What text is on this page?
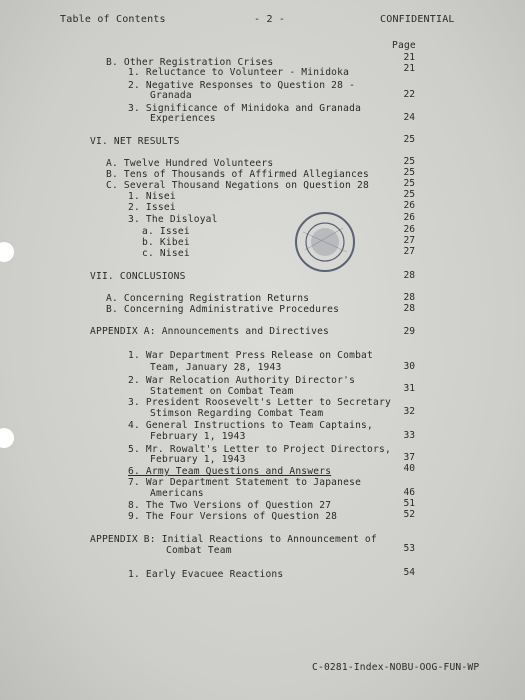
Table of Contents	- 2 -	CONFIDENTIAL
Page
B. Other Registration Crises
1. Reluctance to Volunteer - Minidoka
2. Negative Responses to Question 28 -
Granada
3. Significance of Minidoka and Granada
Experiences
VI. NET RESULTS
A. Twelve Hundred Volunteers
B. Tens of Thousands of Affirmed Allegiances
C. Several Thousand Negations on Question 28
1. Nisei
2. Issei
3. The Disloyal
a. Issei
b. Kibei
c. Nisei
VII. CONCLUSIONS
A. Concerning Registration Returns
B. Concerning Administrative Procedures
APPENDIX A: Announcements and Directives
1. War Department Press Release on Combat
Team, January 28, 1943
2. War Relocation Authority Director's
Statement on Combat Team
3. President Roosevelt's Letter to Secretary
Stimson Regarding Combat Team
4. General Instructions to Team Captains,
February 1, 1943
5. Mr. Rowalt's Letter to Project Directors,
February 1, 1943
6. Army Team Questions and Answers
7. War Department Statement to Japanese
Americans
8. The Two Versions of Question 27
9. The Four Versions of Question 28
APPENDIX B: Initial Reactions to Announcement of
Combat Team
1. Early Evacuee Reactions
21
21
22
24
25
25
25
25
25
26
26
26
27
27
28
28
28
29
30
31
32
33
37
40
46
51
52
53
54
C-0281-Index-NOBU-OOG-FUN-WP
